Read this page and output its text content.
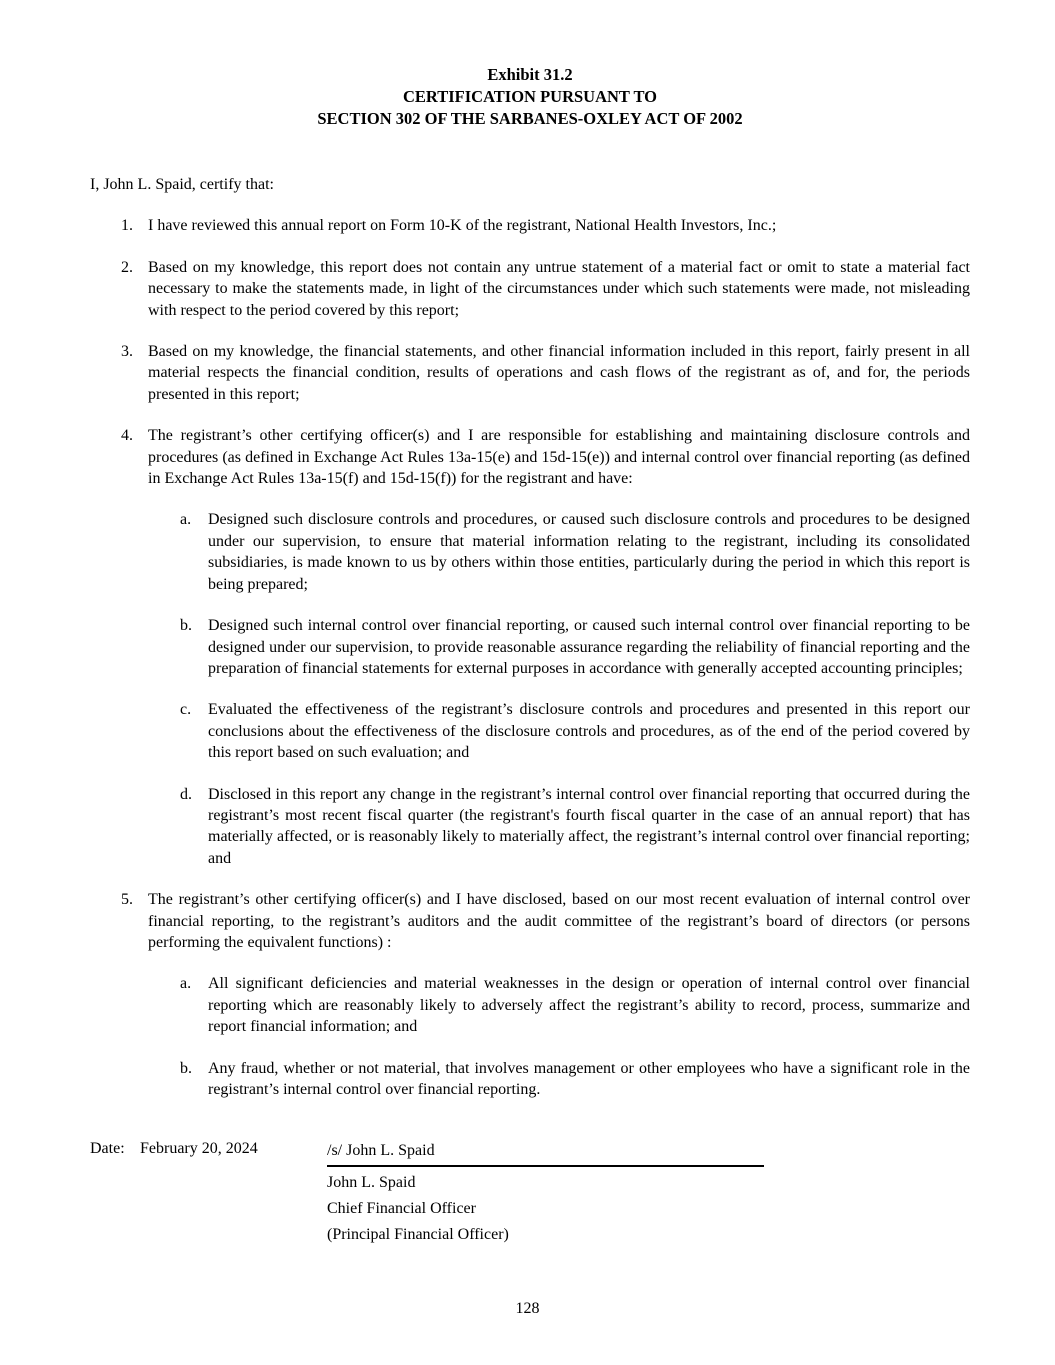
Exhibit 31.2
CERTIFICATION PURSUANT TO
SECTION 302 OF THE SARBANES-OXLEY ACT OF 2002

I, John L. Spaid, certify that:

1. I have reviewed this annual report on Form 10-K of the registrant, National Health Investors, Inc.;
2. Based on my knowledge, this report does not contain any untrue statement of a material fact or omit to state a material fact necessary to make the statements made, in light of the circumstances under which such statements were made, not misleading with respect to the period covered by this report;
3. Based on my knowledge, the financial statements, and other financial information included in this report, fairly present in all material respects the financial condition, results of operations and cash flows of the registrant as of, and for, the periods presented in this report;
4. The registrant’s other certifying officer(s) and I are responsible for establishing and maintaining disclosure controls and procedures (as defined in Exchange Act Rules 13a-15(e) and 15d-15(e)) and internal control over financial reporting (as defined in Exchange Act Rules 13a-15(f) and 15d-15(f)) for the registrant and have:
a.	Designed such disclosure controls and procedures, or caused such disclosure controls and procedures to be designed under our supervision, to ensure that material information relating to the registrant, including its consolidated subsidiaries, is made known to us by others within those entities, particularly during the period in which this report is being prepared;
b.	Designed such internal control over financial reporting, or caused such internal control over financial reporting to be designed under our supervision, to provide reasonable assurance regarding the reliability of financial reporting and the preparation of financial statements for external purposes in accordance with generally accepted accounting principles;
c.	Evaluated the effectiveness of the registrant’s disclosure controls and procedures and presented in this report our conclusions about the effectiveness of the disclosure controls and procedures, as of the end of the period covered by this report based on such evaluation; and
d.	Disclosed in this report any change in the registrant’s internal control over financial reporting that occurred during the registrant’s most recent fiscal quarter (the registrant's fourth fiscal quarter in the case of an annual report) that has materially affected, or is reasonably likely to materially affect, the registrant’s internal control over financial reporting; and
5. The registrant’s other certifying officer(s) and I have disclosed, based on our most recent evaluation of internal control over financial reporting, to the registrant’s auditors and the audit committee of the registrant’s board of directors (or persons performing the equivalent functions) :
a.	All significant deficiencies and material weaknesses in the design or operation of internal control over financial reporting which are reasonably likely to adversely affect the registrant’s ability to record, process, summarize and report financial information; and
b.	Any fraud, whether or not material, that involves management or other employees who have a significant role in the registrant’s internal control over financial reporting.
Date: February 20, 2024	/s/ John L. Spaid
John L. Spaid
Chief Financial Officer
(Principal Financial Officer)
128
